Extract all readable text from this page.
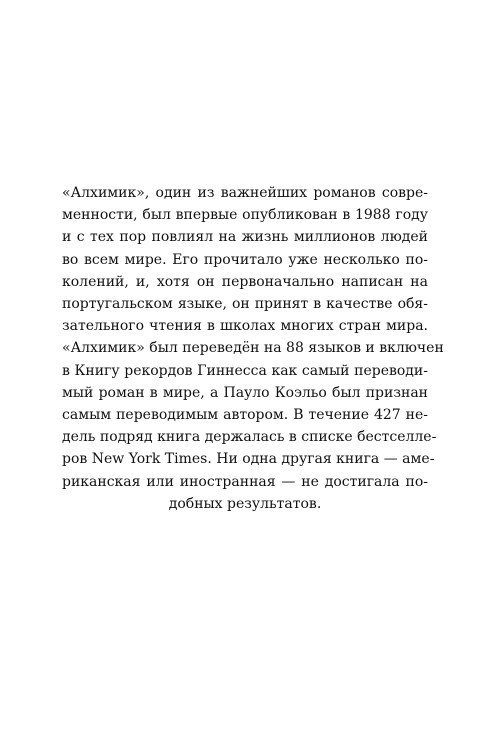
«Алхимик», один из важнейших романов совре-
менности, был впервые опубликован в 1988 году
и с тех пор повлиял на жизнь миллионов людей
во всем мире. Его прочитало уже несколько по-
колений, и, хотя он первоначально написан на
португальском языке, он принят в качестве обя-
зательного чтения в школах многих стран мира.
«Алхимик» был переведён на 88 языков и включен
в Книгу рекордов Гиннесса как самый переводи-
мый роман в мире, а Пауло Коэльо был признан
самым переводимым автором. В течение 427 не-
дель подряд книга держалась в списке бестселле-
ров New York Times. Ни одна другая книга — аме-
риканская или иностранная — не достигала по-
добных результатов.
